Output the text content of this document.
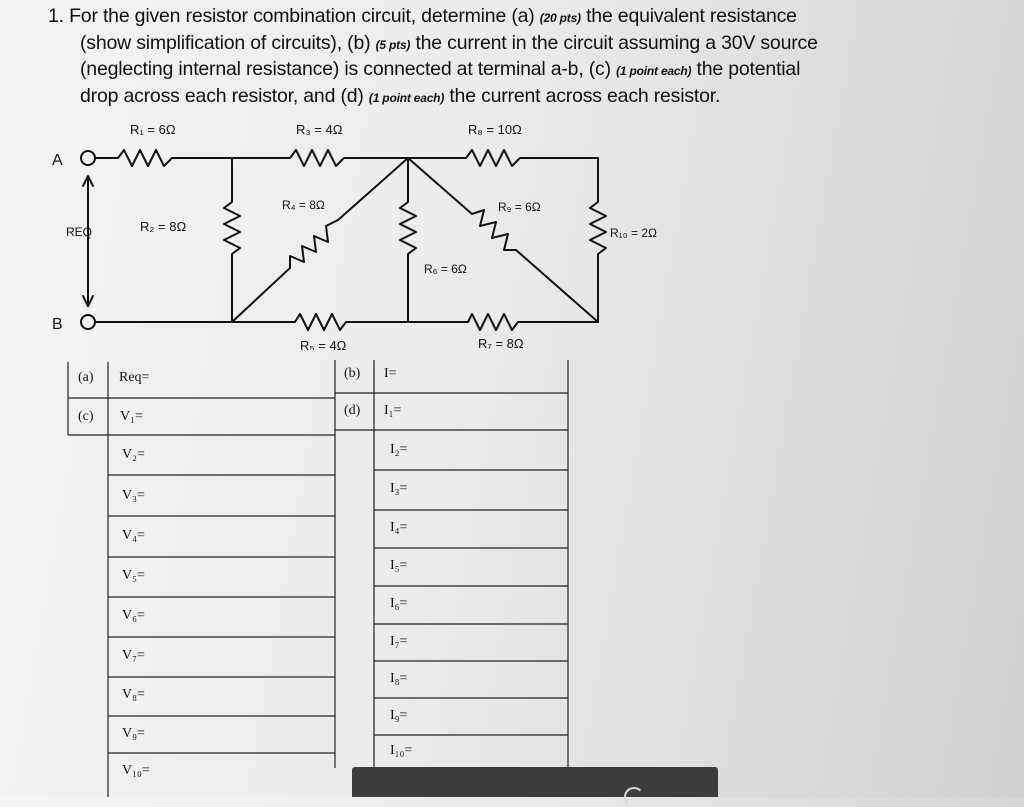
1. For the given resistor combination circuit, determine (a) (20 pts) the equivalent resistance
(show simplification of circuits), (b) (5 pts) the current in the circuit assuming a 30V source
(neglecting internal resistance) is connected at terminal a-b, (c) (1 point each) the potential
drop across each resistor, and (d) (1 point each) the current across each resistor.
A
B
REQ
R₁ = 6Ω
R₂ = 8Ω
R₃ = 4Ω
R₄ = 8Ω
R₅ = 4Ω
R₆ = 6Ω
R₇ = 8Ω
R₈ = 10Ω
R₉ = 6Ω
R₁₀ = 2Ω
(a) Req=	(b) I=
(c)	(d)
V₁=
V₂=
V₃=
V₄=
V₅=
V₆=
V₇=
V₈=
V₉=
V₁₀=
I₁=
I₂=
I₃=
I₄=
I₅=
I₆=
I₇=
I₈=
I₉=
I₁₀=
